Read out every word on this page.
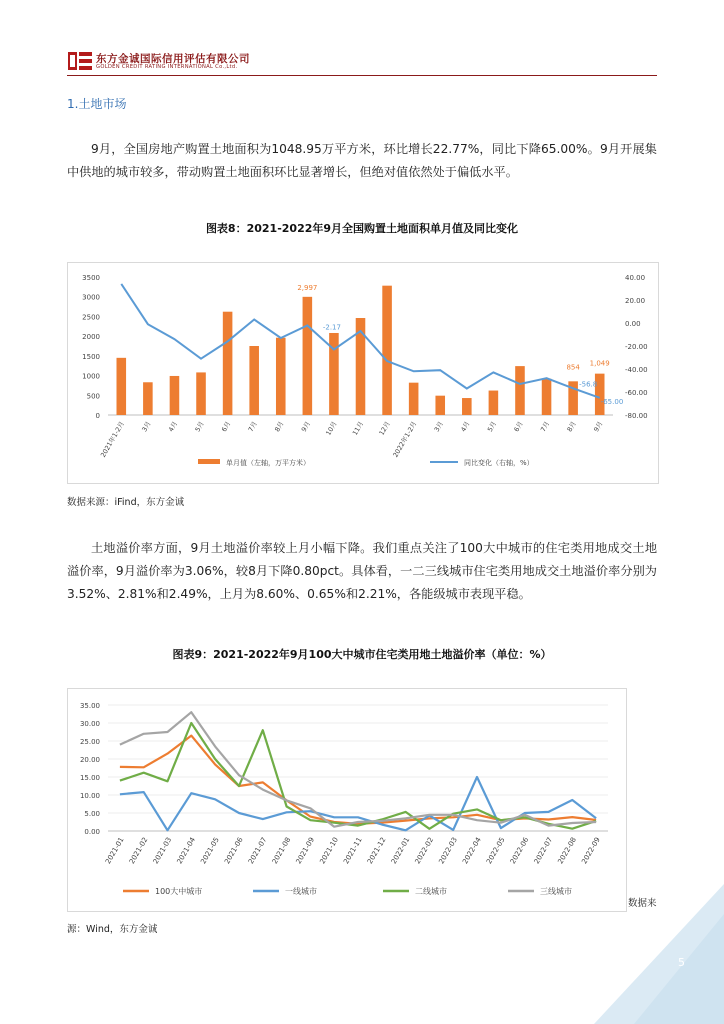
东方金诚国际信用评估有限公司
GOLDEN CREDIT RATING INTERNATIONAL Co.,Ltd.
1.土地市场

9月，全国房地产购置土地面积为1048.95万平方米，环比增长22.77%，同比下降65.00%。9月开展集中供地的城市较多，带动购置土地面积环比显著增长，但绝对值依然处于偏低水平。

图表8：2021-2022年9月全国购置土地面积单月值及同比变化
0
500
1000
1500
2000
2500
3000
3500	40.00
20.00
0.00
-20.00
-40.00
-60.00
-80.00
2021年1-2月 3月 4月 5月 6月 7月 8月 9月 10月 11月 12月 2022年1-2月 3月 4月 5月 6月 7月 8月 9月
2,997
-2.17
854 1,049
-56.8
-65.00
单月值（左轴，万平方米）	同比变化（右轴，%）
数据来源：iFind，东方金诚

土地溢价率方面，9月土地溢价率较上月小幅下降。我们重点关注了100大中城市的住宅类用地成交土地溢价率，9月溢价率为3.06%，较8月下降0.80pct。具体看，一二三线城市住宅类用地成交土地溢价率分别为3.52%、2.81%和2.49%，上月为8.60%、0.65%和2.21%，各能级城市表现平稳。

图表9：2021-2022年9月100大中城市住宅类用地土地溢价率（单位：%）
0.00
5.00
10.00
15.00
20.00
25.00
30.00
35.00
2021-01 2021-02 2021-03 2021-04 2021-05 2021-06 2021-07 2021-08 2021-09 2021-10 2021-11 2021-12 2022-01 2022-02 2022-03 2022-04 2022-05 2022-06 2022-07 2022-08 2022-09
100大中城市	一线城市	二线城市	三线城市
数据来
源：Wind，东方金诚
5
